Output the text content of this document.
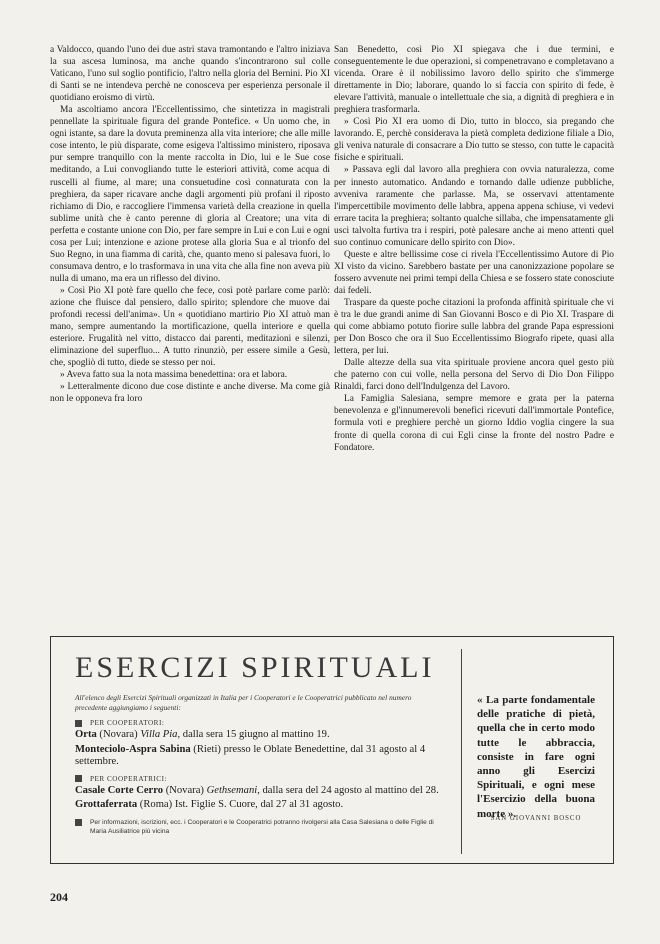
a Valdocco, quando l'uno dei due astri stava tramontando e l'altro iniziava la sua ascesa luminosa, ma anche quando s'incontrarono sul colle Vaticano, l'uno sul soglio pontificio, l'altro nella gloria del Bernini. Pio XI di Santi se ne intendeva perchè ne conosceva per esperienza personale il quotidiano eroismo di virtù.

Ma ascoltiamo ancora l'Eccellentissimo, che sintetizza in magistrali pennellate la spirituale figura del grande Pontefice. « Un uomo che, in ogni istante, sa dare la dovuta preminenza alla vita interiore; che alle mille cose intento, le più disparate, come esigeva l'altissimo ministero, riposava pur sempre tranquillo con la mente raccolta in Dio, lui e le Sue cose meditando, a Lui convogliando tutte le esteriori attività, come acqua di ruscelli al fiume, al mare; una consuetudine così connaturata con la preghiera, da saper ricavare anche dagli argomenti più profani il riposto richiamo di Dio, e raccogliere l'immensa varietà della creazione in quella sublime unità che è canto perenne di gloria al Creatore; una vita di perfetta e costante unione con Dio, per fare sempre in Lui e con Lui e ogni cosa per Lui; intenzione e azione protese alla gloria Sua e al trionfo del Suo Regno, in una fiamma di carità, che, quanto meno si palesava fuori, lo consumava dentro, e lo trasformava in una vita che alla fine non aveva più nulla di umano, ma era un riflesso del divino.

» Così Pio XI potè fare quello che fece, così potè parlare come parlò: azione che fluisce dal pensiero, dallo spirito; splendore che muove dai profondi recessi dell'anima». Un « quotidiano martirio Pio XI attuò man mano, sempre aumentando la mortificazione, quella interiore e quella esteriore. Frugalità nel vitto, distacco dai parenti, meditazioni e silenzi, eliminazione del superfluo... A tutto rinunziò, per essere simile a Gesù, che, spogliò di tutto, diede se stesso per noi.

» Aveva fatto sua la nota massima benedettina: ora et labora.

» Letteralmente dicono due cose distinte e anche diverse. Ma come già non le opponeva fra loro

San Benedetto, così Pio XI spiegava che i due termini, e conseguentemente le due operazioni, si compenetravano e completavano a vicenda. Orare è il nobilissimo lavoro dello spirito che s'immerge direttamente in Dio; laborare, quando lo si faccia con spirito di fede, è elevare l'attività, manuale o intellettuale che sia, a dignità di preghiera e in preghiera trasformarla.

» Così Pio XI era uomo di Dio, tutto in blocco, sia pregando che lavorando. E, perchè considerava la pietà completa dedizione filiale a Dio, gli veniva naturale di consacrare a Dio tutto se stesso, con tutte le capacità fisiche e spirituali.

» Passava egli dal lavoro alla preghiera con ovvia naturalezza, come per innesto automatico. Andando e tornando dalle udienze pubbliche, avveniva raramente che parlasse. Ma, se osservavi attentamente l'impercettibile movimento delle labbra, appena appena schiuse, vi vedevi errare tacita la preghiera; soltanto qualche sillaba, che impensatamente gli usci talvolta furtiva tra i respiri, potè palesare anche ai meno attenti quel suo continuo comunicare dello spirito con Dio».

Queste e altre bellissime cose ci rivela l'Eccellentissimo Autore di Pio XI visto da vicino. Sarebbero bastate per una canonizzazione popolare se fossero avvenute nei primi tempi della Chiesa e se fossero state conosciute dai fedeli.

Traspare da queste poche citazioni la profonda affinità spirituale che vi è tra le due grandi anime di San Giovanni Bosco e di Pio XI. Traspare di qui come abbiamo potuto fiorire sulle labbra del grande Papa espressioni per Don Bosco che ora il Suo Eccellentissimo Biografo ripete, quasi alla lettera, per lui.

Dalle altezze della sua vita spirituale proviene ancora quel gesto più che paterno con cui volle, nella persona del Servo di Dio Don Filippo Rinaldi, farci dono dell'Indulgenza del Lavoro.

La Famiglia Salesiana, sempre memore e grata per la paterna benevolenza e gl'innumerevoli benefici ricevuti dall'immortale Pontefice, formula voti e preghiere perchè un giorno Iddio voglia cingere la sua fronte di quella corona di cui Egli cinse la fronte del nostro Padre e Fondatore.

ESERCIZI SPIRITUALI
All'elenco degli Esercizi Spirituali organizzati in Italia per i Cooperatori e le Cooperatrici pubblicato nel numero precedente aggiungiamo i seguenti:
PER COOPERATORI:
Orta (Novara) Villa Pia, dalla sera 15 giugno al mattino 19.
Monteciolo-Aspra Sabina (Rieti) presso le Oblate Benedettine, dal 31 agosto al 4 settembre.
PER COOPERATRICI:
Casale Corte Cerro (Novara) Gethsemani, dalla sera del 24 agosto al mattino del 28.
Grottaferrata (Roma) Ist. Figlie S. Cuore, dal 27 al 31 agosto.
Per informazioni, iscrizioni, ecc. i Cooperatori e le Cooperatrici potranno rivolgersi alla Casa Salesiana o delle Figlie di Maria Ausiliatrice più vicina
« La parte fondamentale delle pratiche di pietà, quella che in certo modo tutte le abbraccia, consiste in fare ogni anno gli Esercizi Spirituali, e ogni mese l'Esercizio della buona morte ».
SAN GIOVANNI BOSCO
204
